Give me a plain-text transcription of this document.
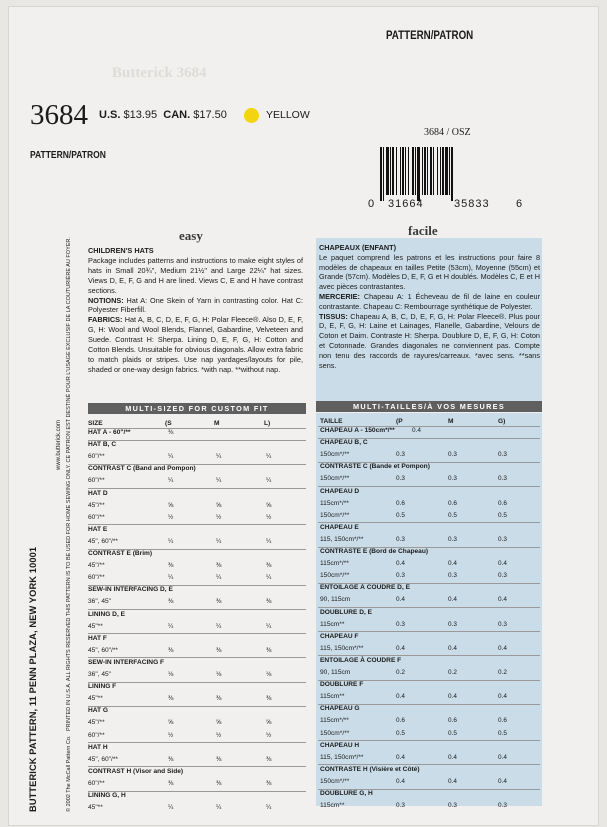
PATTERN/PATRON
Butterick 3684
3684 U.S. $13.95 CAN. $17.50	YELLOW
PATTERN/PATRON
3684 / OSZ
0 31664	35833 6
BUTTERICK PATTERN, 11 PENN PLAZA, NEW YORK 10001	© 2002 The McCall Pattern Co.   PRINTED IN U.S.A. ALL RIGHTS RESERVED THIS PATTERN IS TO BE USED FOR HOME SEWING ONLY. CE PATRON EST DESTINÉ POUR L'USAGE EXCLUSIF DE LA COUTURIÈRE AU FOYER.
www.butterick.com
easy
CHILDREN'S HATS
Package includes patterns and instructions to make eight styles of hats in Small 20¾", Medium 21½" and Large 22¼" hat sizes. Views D, E, F, G and H are lined. Views C, E and H have contrast sections.
NOTIONS: Hat A: One Skein of Yarn in contrasting color. Hat C: Polyester Fiberfill.
FABRICS: Hat A, B, C, D, E, F, G, H: Polar Fleece®. Also D, E, F, G, H: Wool and Wool Blends, Flannel, Gabardine, Velveteen and Suede. Contrast H: Sherpa. Lining D, E, F, G, H: Cotton and Cotton Blends. Unsuitable for obvious diagonals. Allow extra fabric to match plaids or stripes. Use nap yardages/layouts for pile, shaded or one-way design fabrics. *with nap. **without nap.
MULTI-SIZED FOR CUSTOM FIT
SIZE	(S	M	L)
HAT A - 60"/**	⅜
HAT B, C
60"/**	¼	¼	¼
CONTRAST C (Band and Pompon)
60"/**	¼	¼	¼
HAT D
45"/**	⅝	⅝	⅝
60"/**	½	½	½
HAT E
45", 60"/**	¼	¼	¼
CONTRAST E (Brim)
45"/**	⅜	⅜	⅜
60"/**	¼	¼	¼
SEW-IN INTERFACING D, E
36", 45"	⅜	⅜	⅜
LINING D, E
45"**	¼	¼	¼
HAT F
45", 60"/**	⅜	⅜	⅜
SEW-IN INTERFACING F
36", 45"	⅛	⅛	⅛
LINING F
45"**	⅜	⅜	⅜
HAT G
45"/**	⅝	⅝	⅝
60"/**	½	½	½
HAT H
45", 60"/**	⅜	⅜	⅜
CONTRAST H (Visor and Side)
60"/**	⅜	⅜	⅜
LINING G, H
45"**	¼	¼	¼
facile
CHAPEAUX (ENFANT)
Le paquet comprend les patrons et les instructions pour faire 8 modèles de chapeaux en tailles Petite (53cm), Moyenne (55cm) et Grande (57cm). Modèles D, E, F, G et H doublés. Modèles C, E et H avec pièces contrastantes.
MERCERIE: Chapeau A: 1 Écheveau de fil de laine en couleur contrastante. Chapeau C: Rembourrage synthétique de Polyester.
TISSUS: Chapeau A, B, C, D, E, F, G, H: Polar Fleece®. Plus pour D, E, F, G, H: Laine et Lainages, Flanelle, Gabardine, Velours de Coton et Daim. Contraste H: Sherpa. Doublure D, E, F, G, H: Coton et Cotonnade. Grandes diagonales ne conviennent pas. Compte non tenu des raccords de rayures/carreaux. *avec sens. **sans sens.
MULTI-TAILLES/À VOS MESURES
TAILLE	(P	M	G)
CHAPEAU A - 150cm*/**	0.4
CHAPEAU B, C
150cm*/**	0.3	0.3	0.3
CONTRASTE C (Bande et Pompon)
150cm*/**	0.3	0.3	0.3
CHAPEAU D
115cm*/**	0.6	0.6	0.6
150cm*/**	0.5	0.5	0.5
CHAPEAU E
115, 150cm*/**	0.3	0.3	0.3
CONTRASTE E (Bord de Chapeau)
115cm*/**	0.4	0.4	0.4
150cm*/**	0.3	0.3	0.3
ENTOILAGE À COUDRE D, E
90, 115cm	0.4	0.4	0.4
DOUBLURE D, E
115cm**	0.3	0.3	0.3
CHAPEAU F
115, 150cm*/**	0.4	0.4	0.4
ENTOILAGE À COUDRE F
90, 115cm	0.2	0.2	0.2
DOUBLURE F
115cm**	0.4	0.4	0.4
CHAPEAU G
115cm*/**	0.6	0.6	0.6
150cm*/**	0.5	0.5	0.5
CHAPEAU H
115, 150cm*/**	0.4	0.4	0.4
CONTRASTE H (Visière et Côté)
150cm*/**	0.4	0.4	0.4
DOUBLURE G, H
115cm**	0.3	0.3	0.3
